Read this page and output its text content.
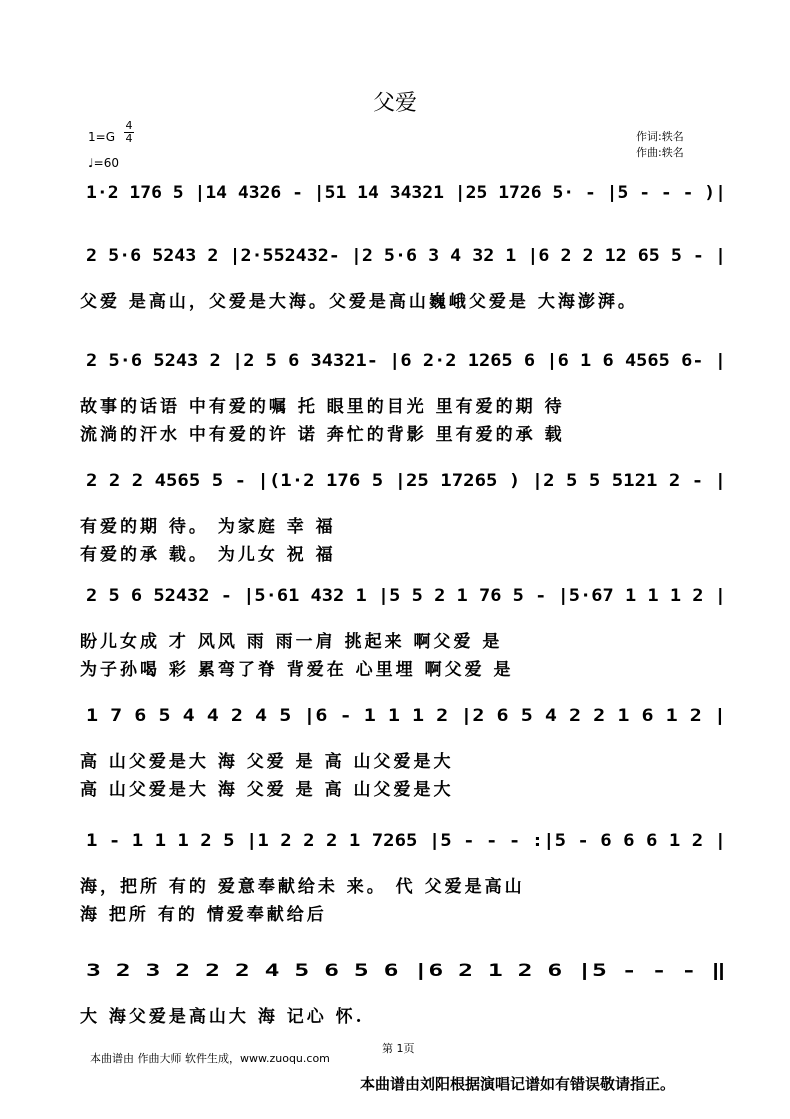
父爱
1=G
4
4
♩=60
作词:轶名
作曲:轶名
1·2 176 5 |14 4326 - |51 14 34321 |25 1726 5· - |5 - - - )|
2 5·6 5243 2 |2·552432- |2 5·6 3 4 32 1 |6 2 2 12 65 5 - |
父爱 是高山，父爱是大海。父爱是高山巍峨父爱是 大海澎湃。
2 5·6 5243 2 |2 5 6 34321- |6 2·2 1265 6 |6 1 6 4565 6- |
故事的话语 中有爱的嘱 托 眼里的目光 里有爱的期 待
流淌的汗水 中有爱的许 诺 奔忙的背影 里有爱的承 载
2 2 2 4565 5 - |(1·2 176 5 |25 17265 ) |2 5 5 5121 2 - |
有爱的期 待。 为家庭 幸 福
有爱的承 载。 为儿女 祝 福
2 5 6 52432 - |5·61 432 1 |5 5 2 1 76 5 - |5·67 1 1 1 2 |
盼儿女成 才 风风 雨 雨一肩 挑起来 啊父爱 是
为子孙喝 彩 累弯了脊 背爱在 心里埋 啊父爱 是
1 7 6 5 4 4 2 4 5 |6 - 1 1 1 2 |2 6 5 4 2 2 1 6 1 2 |
高 山父爱是大 海 父爱 是 高 山父爱是大
高 山父爱是大 海 父爱 是 高 山父爱是大
1 - 1 1 1 2 5 |1 2 2 2 1 7265 |5 - - - :|5 - 6 6 6 1 2 |
海，把所 有的 爱意奉献给未 来。 代 父爱是高山
海 把所 有的 情爱奉献给后
3 2 3 2 2 2 4 5 6 5 6 |6 2 1 2 6 |5 - - - ‖
大 海父爱是高山大 海 记心 怀.
第 1页
本曲谱由 作曲大师 软件生成，www.zuoqu.com
本曲谱由刘阳根据演唱记谱如有错误敬请指正。
